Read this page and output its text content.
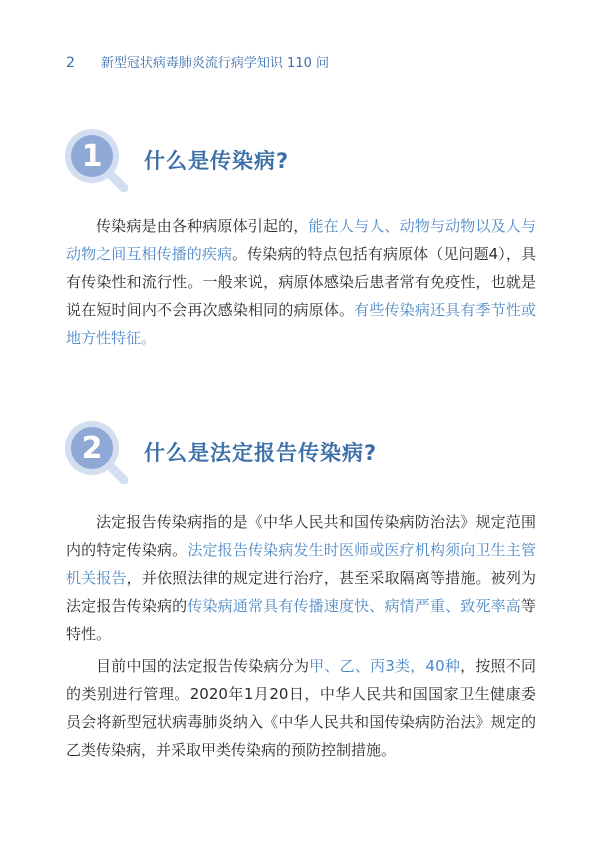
2 新型冠状病毒肺炎流行病学知识 110 问
1	什么是传染病?

传染病是由各种病原体引起的，能在人与人、动物与动物以及人与动物之间互相传播的疾病。传染病的特点包括有病原体（见问题4），具有传染性和流行性。一般来说，病原体感染后患者常有免疫性，也就是说在短时间内不会再次感染相同的病原体。有些传染病还具有季节性或地方性特征。

2	什么是法定报告传染病?

法定报告传染病指的是《中华人民共和国传染病防治法》规定范围内的特定传染病。法定报告传染病发生时医师或医疗机构须向卫生主管机关报告，并依照法律的规定进行治疗，甚至采取隔离等措施。被列为法定报告传染病的传染病通常具有传播速度快、病情严重、致死率高等特性。

目前中国的法定报告传染病分为甲、乙、丙3类，40种，按照不同的类别进行管理。2020年1月20日，中华人民共和国国家卫生健康委员会将新型冠状病毒肺炎纳入《中华人民共和国传染病防治法》规定的乙类传染病，并采取甲类传染病的预防控制措施。
